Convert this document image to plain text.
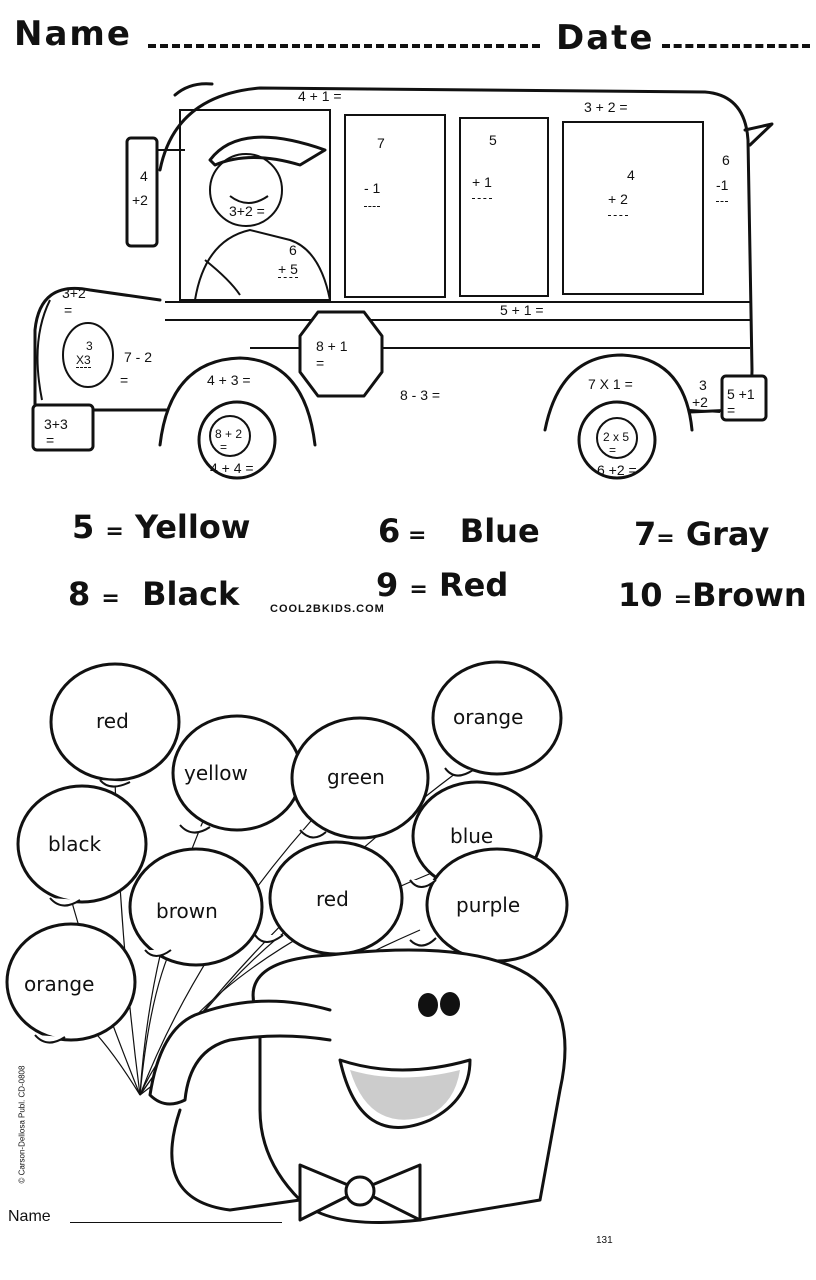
Name	Date
4 + 1 =
3 + 2 =
4
+2
3+2 =
6
+ 5
7
- 1
5
+ 1	4
+ 2
6
-1
3+2
=
3
X3 7 - 2
=
8 + 1
=
5 + 1 =
4 + 3 =
8 - 3 =
7 X 1 =	3
+2 5 +1
=
3+3
=	8 + 2
=
4 + 4 =
2 x 5
=
6 +2 =
5 = Yellow	6 = Blue	7= Gray
8 = Black	9 = Red	10 =Brown
COOL2BKIDS.COM
red
yellow	green
orange
black	blue
brown	red	purple
orange
© Carson-Dellosa Publ. CD-0808
Name
131
